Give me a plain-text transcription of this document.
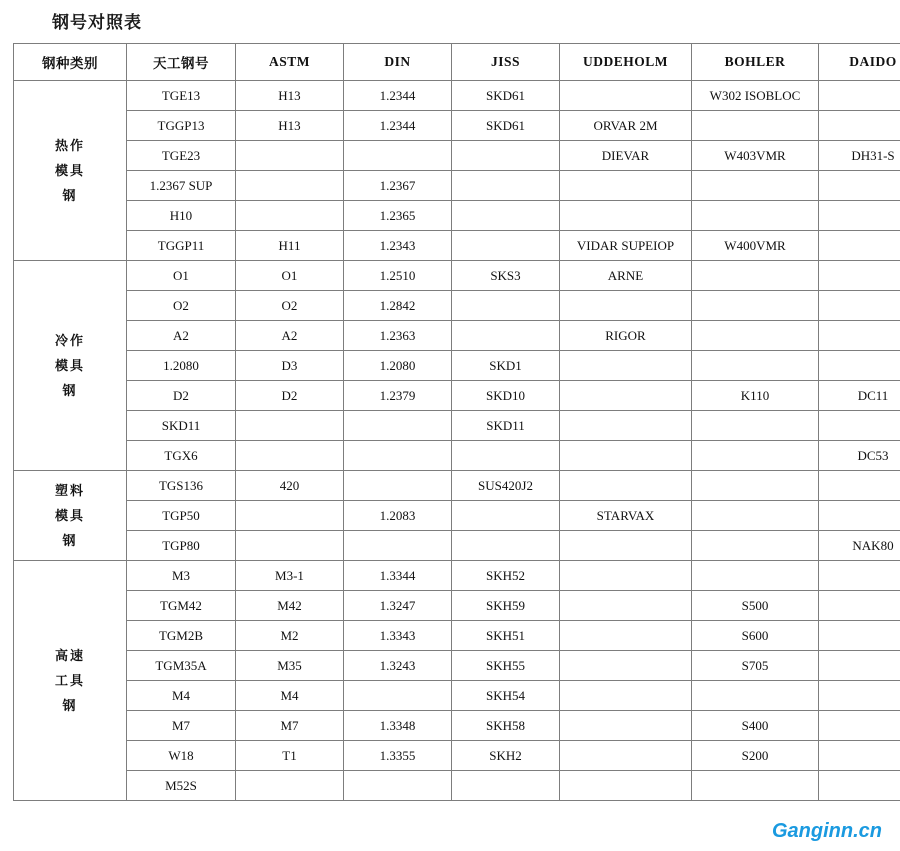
钢号对照表
钢种类别	天工钢号	ASTM	DIN	JISS	UDDEHOLM	BOHLER	DAIDO
热作模具钢	TGE13	H13	1.2344	SKD61		W302 ISOBLOC	
	TGGP13	H13	1.2344	SKD61	ORVAR 2M		
	TGE23				DIEVAR	W403VMR	DH31-S
	1.2367 SUP		1.2367				
	H10		1.2365				
	TGGP11	H11	1.2343		VIDAR SUPEIOP	W400VMR	
冷作模具钢	O1	O1	1.2510	SKS3	ARNE		
	O2	O2	1.2842				
	A2	A2	1.2363		RIGOR		
	1.2080	D3	1.2080	SKD1			
	D2	D2	1.2379	SKD10		K110	DC11
	SKD11			SKD11			
	TGX6						DC53
塑料模具钢	TGS136	420		SUS420J2			
	TGP50		1.2083		STARVAX		
	TGP80						NAK80
高速工具钢	M3	M3-1	1.3344	SKH52			
	TGM42	M42	1.3247	SKH59		S500	
	TGM2B	M2	1.3343	SKH51		S600	
	TGM35A	M35	1.3243	SKH55		S705	
	M4	M4		SKH54			
	M7	M7	1.3348	SKH58		S400	
	W18	T1	1.3355	SKH2		S200	
	M52S						
Ganginn.cn
